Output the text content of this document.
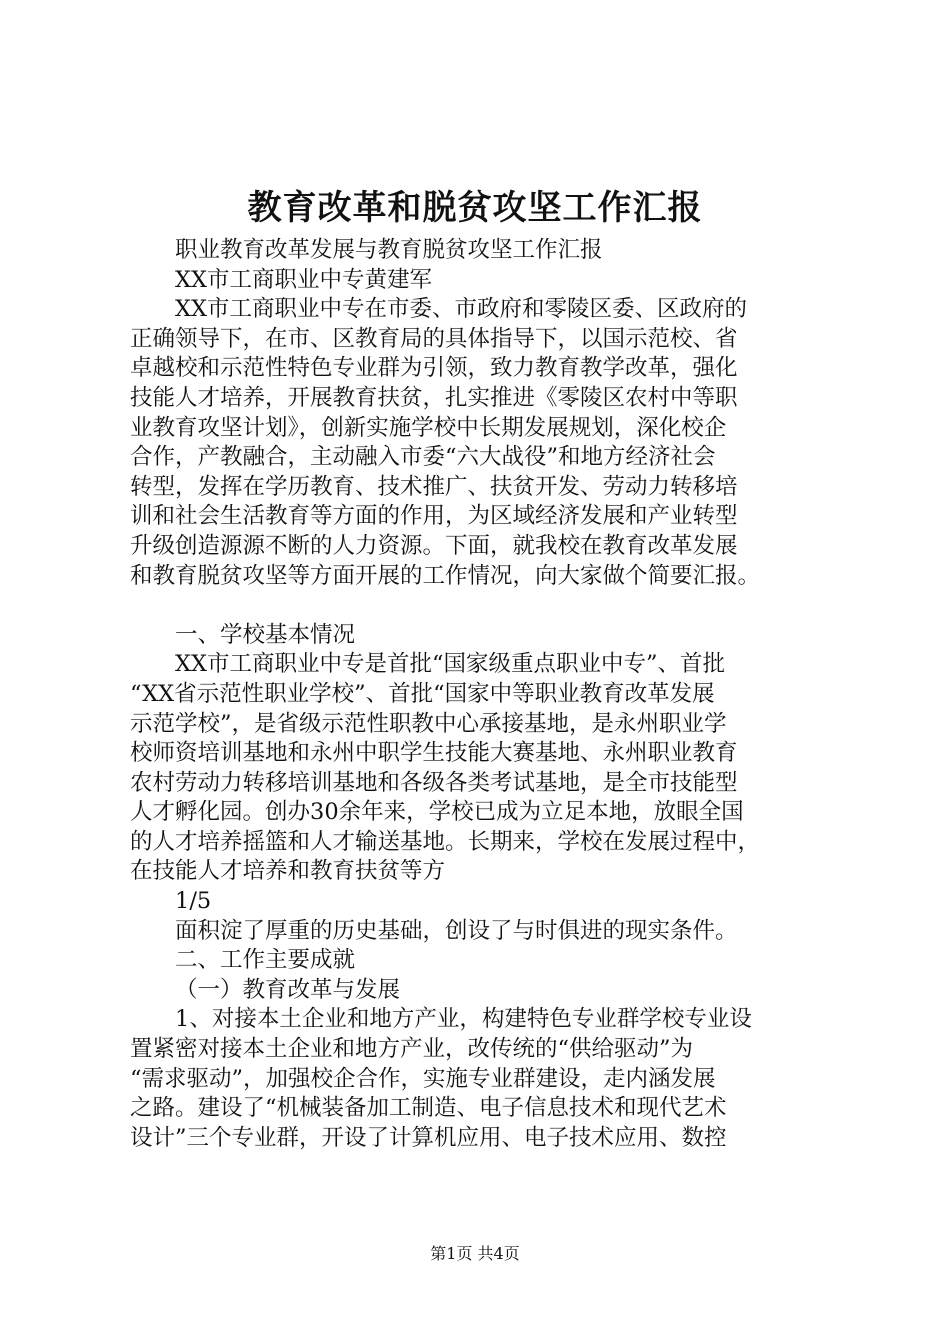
教育改革和脱贫攻坚工作汇报
职业教育改革发展与教育脱贫攻坚工作汇报
XX市工商职业中专黄建军
XX市工商职业中专在市委、市政府和零陵区委、区政府的
正确领导下，在市、区教育局的具体指导下，以国示范校、省
卓越校和示范性特色专业群为引领，致力教育教学改革，强化
技能人才培养，开展教育扶贫，扎实推进《零陵区农村中等职
业教育攻坚计划》，创新实施学校中长期发展规划，深化校企
合作，产教融合，主动融入市委“六大战役”和地方经济社会
转型，发挥在学历教育、技术推广、扶贫开发、劳动力转移培
训和社会生活教育等方面的作用，为区域经济发展和产业转型
升级创造源源不断的人力资源。下面，就我校在教育改革发展
和教育脱贫攻坚等方面开展的工作情况，向大家做个简要汇报。
一、学校基本情况
XX市工商职业中专是首批“国家级重点职业中专”、首批
“XX省示范性职业学校”、首批“国家中等职业教育改革发展
示范学校”，是省级示范性职教中心承接基地，是永州职业学
校师资培训基地和永州中职学生技能大赛基地、永州职业教育
农村劳动力转移培训基地和各级各类考试基地，是全市技能型
人才孵化园。创办30余年来，学校已成为立足本地，放眼全国
的人才培养摇篮和人才输送基地。长期来，学校在发展过程中，
在技能人才培养和教育扶贫等方
1/5
面积淀了厚重的历史基础，创设了与时俱进的现实条件。
二、工作主要成就
（一）教育改革与发展
1、对接本土企业和地方产业，构建特色专业群学校专业设
置紧密对接本土企业和地方产业，改传统的“供给驱动”为
“需求驱动”，加强校企合作，实施专业群建设，走内涵发展
之路。建设了“机械装备加工制造、电子信息技术和现代艺术
设计”三个专业群，开设了计算机应用、电子技术应用、数控
第1页 共4页
